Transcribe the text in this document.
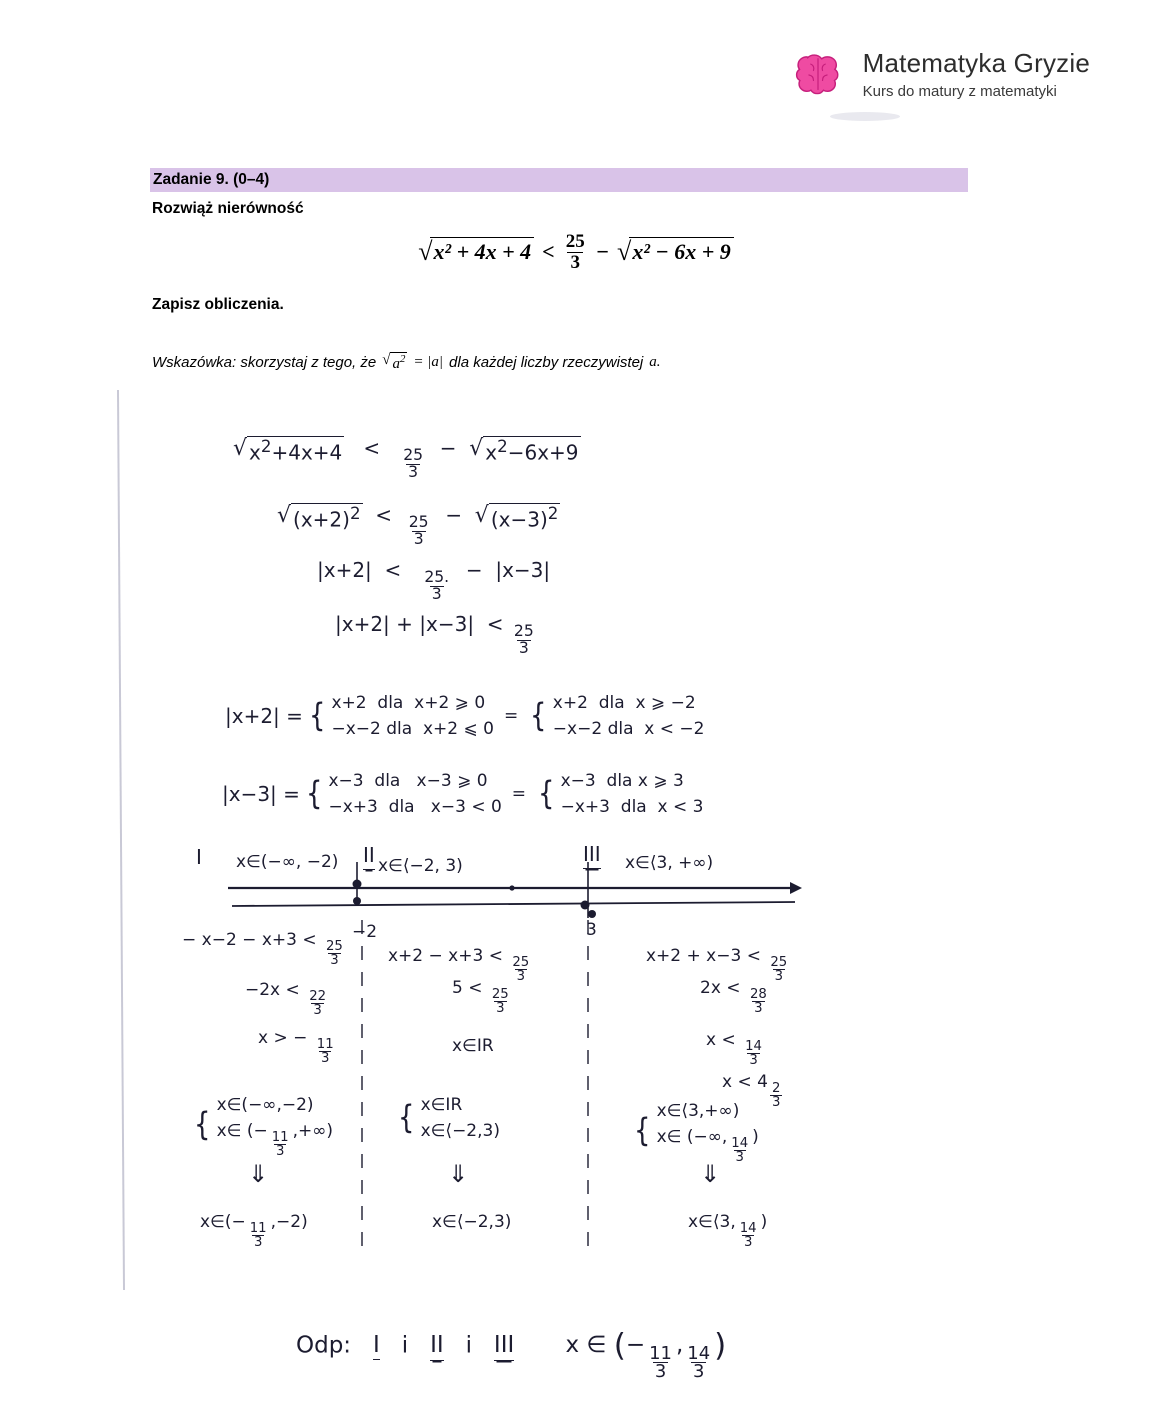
Matematyka Gryzie
Kurs do matury z matematyki
Zadanie 9. (0–4)
Rozwiąż nierówność
√ $x^2 + 4x + 4 < \frac{25}{3}$ − √ x² − 6x + 9
Zapisz obliczenia.
Wskazówka: skorzystaj z tego, że √ $a^2 = |a|$ dla każdej liczby rzeczywistej a.
√ $x^2+4x+4$ <
$\frac{25}{3}$
− √ $x^2-6x+9$
√ $(x+2)^2$ <
$\frac{25}{3}$
− √ $(x-3)^2$
|x+2|  <
$\frac{25.}{3}$
−  |x−3|
|x+2| + |x−3|  <
$\frac{25}{3}$
|x+2| = { x+2  dla  x+2 ⩾ 0
−x−2 dla  x+2 ⩽ 0
= { x+2  dla  x ⩾ −2
−x−2 dla  x < −2
|x−3| = { x−3  dla   x−3 ⩾ 0
−x+3  dla   x−3 < 0
= { x−3  dla x ⩾ 3
−x+3  dla  x < 3
I x∈(−∞, −2) II x∈⟨−2, 3)	III x∈⟨3, +∞)
−2	3
− $x-2 - x+3 < \frac{25}{3}$
$-2x < \frac{22}{3}$
x > − $\frac{11}{3}$
{
x∈(−∞,−2)
x∈ (− $\frac{11}{3}$ ,+∞)
⇓
x∈(− $\frac{11}{3} ,-2$)
$x+2 - x+3 < \frac{25}{3}$
$5 < \frac{25}{3}$
x∈IR
{ x∈IR
x∈⟨−2,3)
⇓
x∈⟨−2,3)
$x+2 + x-3 < \frac{25}{3}$
$2x < \frac{28}{3}$
$x < \frac{14}{3}$
$x < 4 \frac{2}{3}$
{
x∈⟨3,+∞)
x∈ (−∞, $\frac{14}{3}$ )
⇓
x∈⟨3, $\frac{14}{3}$ )
Odp: I i II i III x ∈ (− $\frac{11}{3}$ , $\frac{14}{3}$ )
